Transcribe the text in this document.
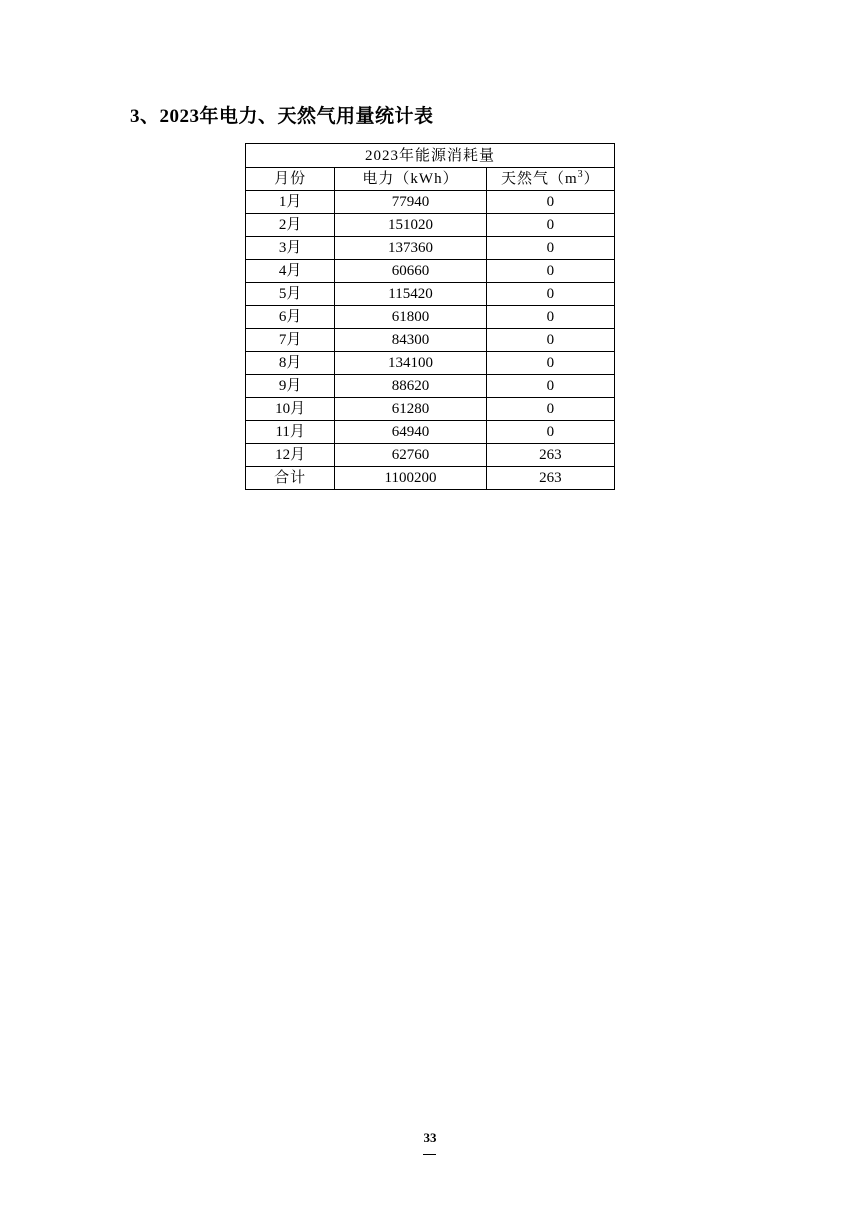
3、2023年电力、天然气用量统计表
2023年能源消耗量		
月份	电力（kWh）	天然气$(m^3)$
1月	77940	0
2月	151020	0
3月	137360	0
4月	60660	0
5月	115420	0
6月	61800	0
7月	84300	0
8月	134100	0
9月	88620	0
10月	61280	0
11月	64940	0
12月	62760	263
合计	1100200	263
33
